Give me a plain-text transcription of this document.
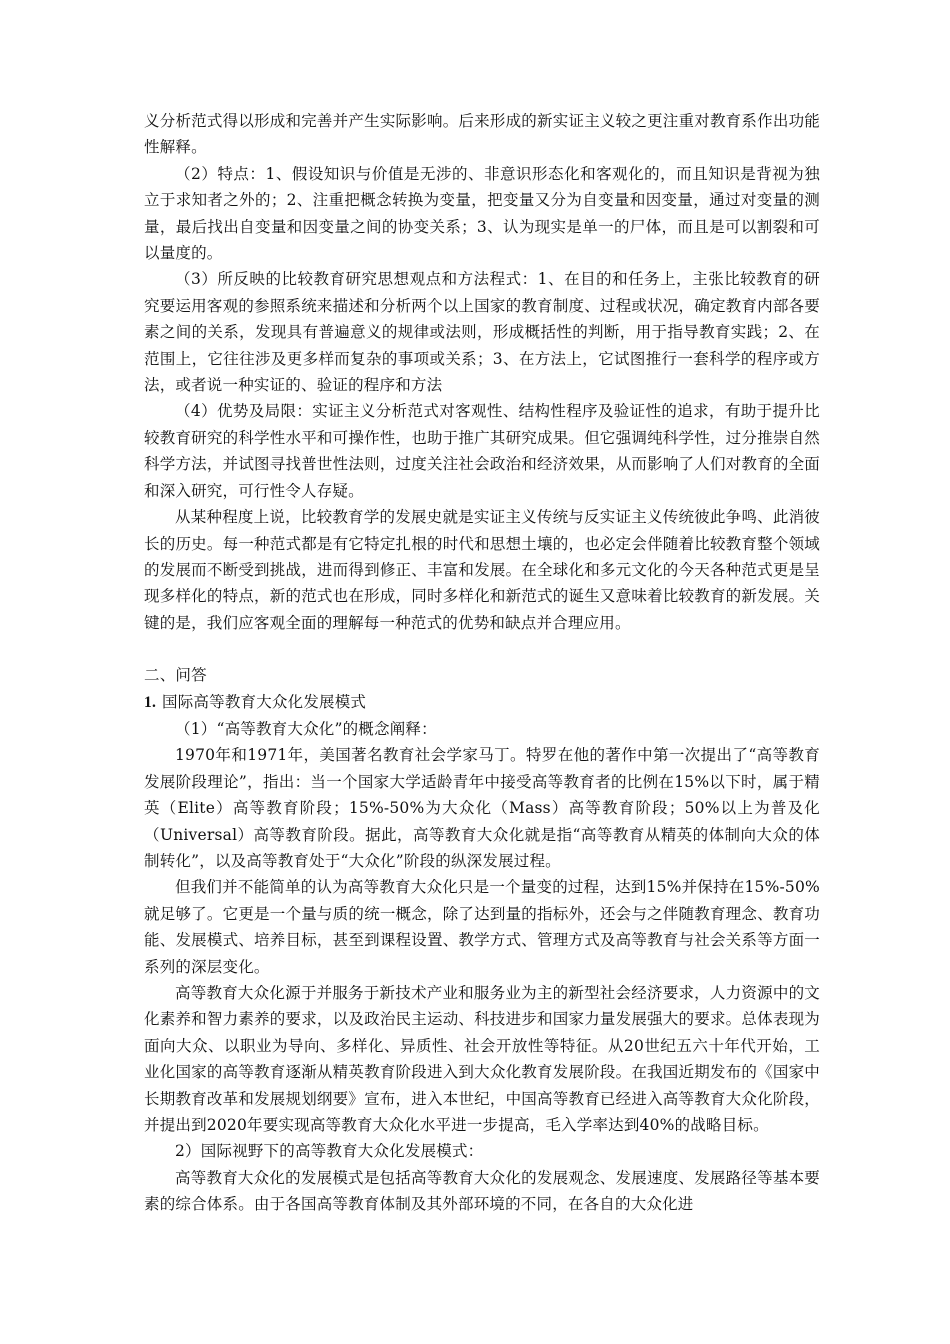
义分析范式得以形成和完善并产生实际影响。后来形成的新实证主义较之更注重对教育系作出功能性解释。

（2）特点：1、假设知识与价值是无涉的、非意识形态化和客观化的，而且知识是背视为独立于求知者之外的；2、注重把概念转换为变量，把变量又分为自变量和因变量，通过对变量的测量，最后找出自变量和因变量之间的协变关系；3、认为现实是单一的尸体，而且是可以割裂和可以量度的。

（3）所反映的比较教育研究思想观点和方法程式：1、在目的和任务上，主张比较教育的研究要运用客观的参照系统来描述和分析两个以上国家的教育制度、过程或状况，确定教育内部各要素之间的关系，发现具有普遍意义的规律或法则，形成概括性的判断，用于指导教育实践；2、在范围上，它往往涉及更多样而复杂的事项或关系；3、在方法上，它试图推行一套科学的程序或方法，或者说一种实证的、验证的程序和方法

（4）优势及局限：实证主义分析范式对客观性、结构性程序及验证性的追求，有助于提升比较教育研究的科学性水平和可操作性，也助于推广其研究成果。但它强调纯科学性，过分推崇自然科学方法，并试图寻找普世性法则，过度关注社会政治和经济效果，从而影响了人们对教育的全面和深入研究，可行性令人存疑。

从某种程度上说，比较教育学的发展史就是实证主义传统与反实证主义传统彼此争鸣、此消彼长的历史。每一种范式都是有它特定扎根的时代和思想土壤的，也必定会伴随着比较教育整个领域的发展而不断受到挑战，进而得到修正、丰富和发展。在全球化和多元文化的今天各种范式更是呈现多样化的特点，新的范式也在形成，同时多样化和新范式的诞生又意味着比较教育的新发展。关键的是，我们应客观全面的理解每一种范式的优势和缺点并合理应用。

二、问答

1. 国际高等教育大众化发展模式

（1）“高等教育大众化”的概念阐释：

1970年和1971年，美国著名教育社会学家马丁。特罗在他的著作中第一次提出了“高等教育发展阶段理论”，指出：当一个国家大学适龄青年中接受高等教育者的比例在15%以下时，属于精英（Elite）高等教育阶段；15%-50%为大众化（Mass）高等教育阶段；50%以上为普及化（Universal）高等教育阶段。据此，高等教育大众化就是指“高等教育从精英的体制向大众的体制转化”，以及高等教育处于“大众化”阶段的纵深发展过程。

但我们并不能简单的认为高等教育大众化只是一个量变的过程，达到15%并保持在15%-50%就足够了。它更是一个量与质的统一概念，除了达到量的指标外，还会与之伴随教育理念、教育功能、发展模式、培养目标，甚至到课程设置、教学方式、管理方式及高等教育与社会关系等方面一系列的深层变化。

高等教育大众化源于并服务于新技术产业和服务业为主的新型社会经济要求，人力资源中的文化素养和智力素养的要求，以及政治民主运动、科技进步和国家力量发展强大的要求。总体表现为面向大众、以职业为导向、多样化、异质性、社会开放性等特征。从20世纪五六十年代开始，工业化国家的高等教育逐渐从精英教育阶段进入到大众化教育发展阶段。在我国近期发布的《国家中长期教育改革和发展规划纲要》宣布，进入本世纪，中国高等教育已经进入高等教育大众化阶段，并提出到2020年要实现高等教育大众化水平进一步提高，毛入学率达到40%的战略目标。

2）国际视野下的高等教育大众化发展模式：

高等教育大众化的发展模式是包括高等教育大众化的发展观念、发展速度、发展路径等基本要素的综合体系。由于各国高等教育体制及其外部环境的不同，在各自的大众化进
